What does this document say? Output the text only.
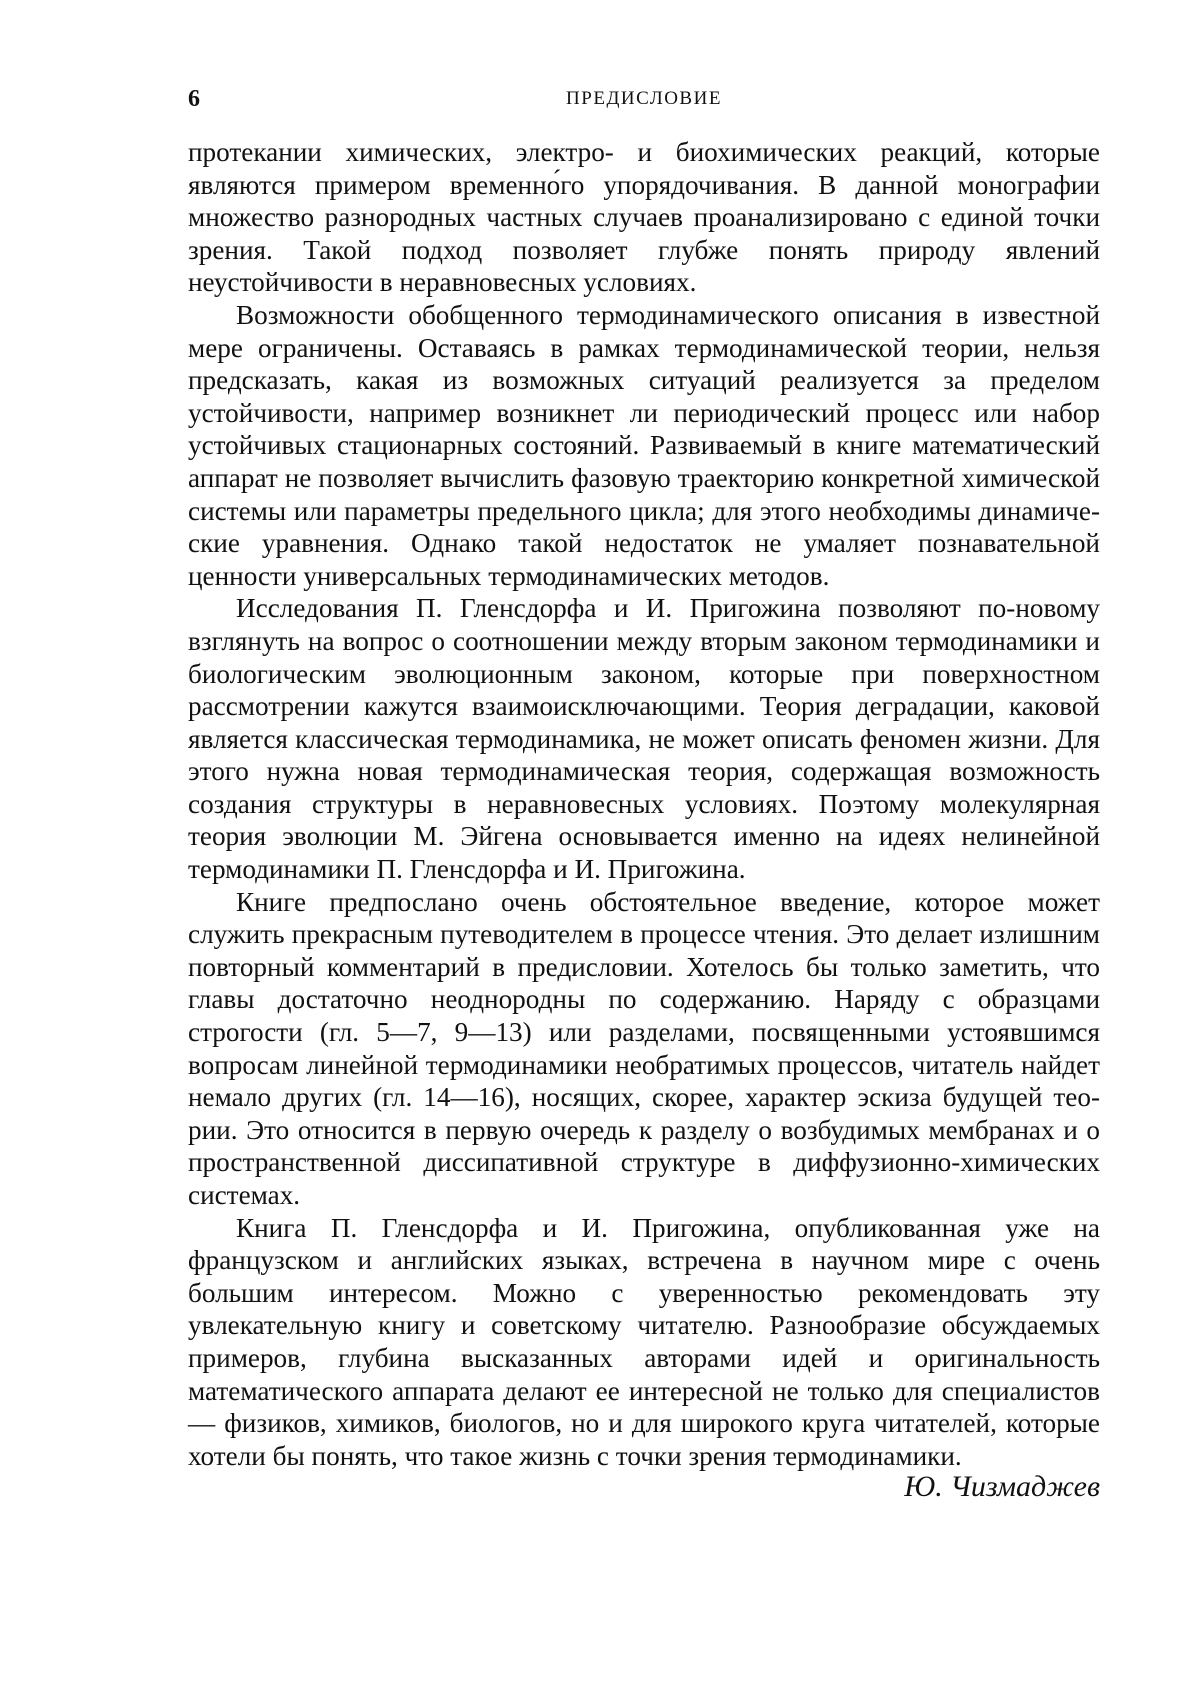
6	ПРЕДИСЛОВИЕ

протекании химических, электро- и биохимических реакций, которые являются примером временно́го упорядочивания. В данной монографии множество разнородных частных случаев проанализировано с единой точки зрения. Такой подход позволяет глубже понять природу явлений неустойчивости в неравновесных условиях.

Возможности обобщенного термодинамического описания в известной мере ограничены. Оставаясь в рамках термодинамической теории, нельзя предсказать, какая из возможных ситуаций реализуется за пределом устойчивости, например возникнет ли периодический процесс или набор устойчивых стационарных состояний. Развиваемый в книге математический аппарат не позволяет вычислить фазовую траекторию конкретной химической системы или параметры предельного цикла; для этого необходимы динамические уравнения. Однако такой недостаток не умаляет познавательной ценности универсальных термодинамических методов.

Исследования П. Гленсдорфа и И. Пригожина позволяют по-новому взглянуть на вопрос о соотношении между вторым законом термодинамики и биологическим эволюционным законом, которые при поверхностном рассмотрении кажутся взаимоисключающими. Теория деградации, каковой является классическая термодинамика, не может описать феномен жизни. Для этого нужна новая термодинамическая теория, содержащая возможность создания структуры в неравновесных условиях. Поэтому молекулярная теория эволюции М. Эйгена основывается именно на идеях нелинейной термодинамики П. Гленсдорфа и И. Пригожина.

Книге предпослано очень обстоятельное введение, которое может служить прекрасным путеводителем в процессе чтения. Это делает излишним повторный комментарий в предисловии. Хотелось бы только заметить, что главы достаточно неоднородны по содержанию. Наряду с образцами строгости (гл. 5—7, 9—13) или разделами, посвященными устоявшимся вопросам линейной термодинамики необратимых процессов, читатель найдет немало других (гл. 14—16), носящих, скорее, характер эскиза будущей теории. Это относится в первую очередь к разделу о возбудимых мембранах и о пространственной диссипативной структуре в диффузионно-химических системах.

Книга П. Гленсдорфа и И. Пригожина, опубликованная уже на французском и английских языках, встречена в научном мире с очень большим интересом. Можно с уверенностью рекомендовать эту увлекательную книгу и советскому читателю. Разнообразие обсуждаемых примеров, глубина высказанных авторами идей и оригинальность математического аппарата делают ее интересной не только для специалистов — физиков, химиков, биологов, но и для широкого круга читателей, которые хотели бы понять, что такое жизнь с точки зрения термодинамики.

Ю. Чизмаджев
